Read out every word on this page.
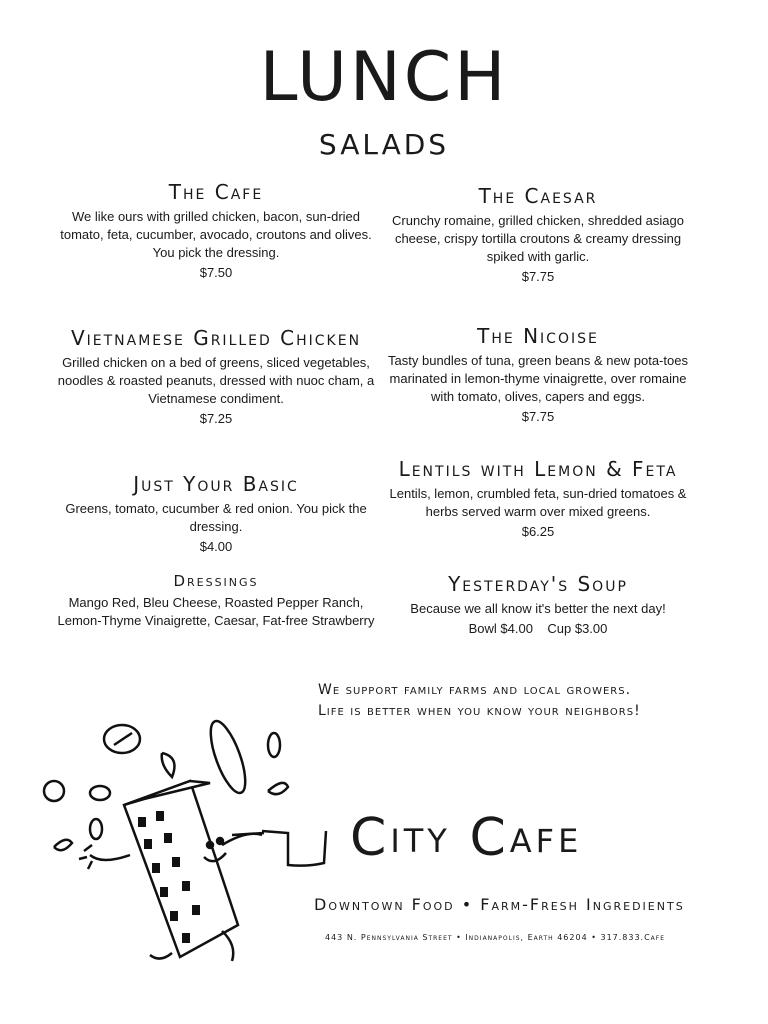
LUNCH
SALADS
The Cafe
We like ours with grilled chicken, bacon, sun-dried tomato, feta, cucumber, avocado, croutons and olives. You pick the dressing.
$7.50
The Caesar
Crunchy romaine, grilled chicken, shredded asiago cheese, crispy tortilla croutons & creamy dressing spiked with garlic.
$7.75
Vietnamese Grilled Chicken
Grilled chicken on a bed of greens, sliced vegetables, noodles & roasted peanuts, dressed with nuoc cham, a Vietnamese condiment.
$7.25
The Nicoise
Tasty bundles of tuna, green beans & new pota-toes marinated in lemon-thyme vinaigrette, over romaine with tomato, olives, capers and eggs.
$7.75
Just Your Basic
Greens, tomato, cucumber & red onion. You pick the dressing.
$4.00
Lentils with Lemon & Feta
Lentils, lemon, crumbled feta, sun-dried tomatoes & herbs served warm over mixed greens.
$6.25
Dressings
Mango Red, Bleu Cheese, Roasted Pepper Ranch, Lemon-Thyme Vinaigrette, Caesar, Fat-free Strawberry
Yesterday's Soup
Because we all know it's better the next day!
Bowl $4.00    Cup $3.00
We support family farms and local growers.
Life is better when you know your neighbors!
City Cafe
Downtown Food • Farm-Fresh Ingredients
443 N. Pennsylvania Street • Indianapolis, Earth 46204 • 317.833.Cafe
